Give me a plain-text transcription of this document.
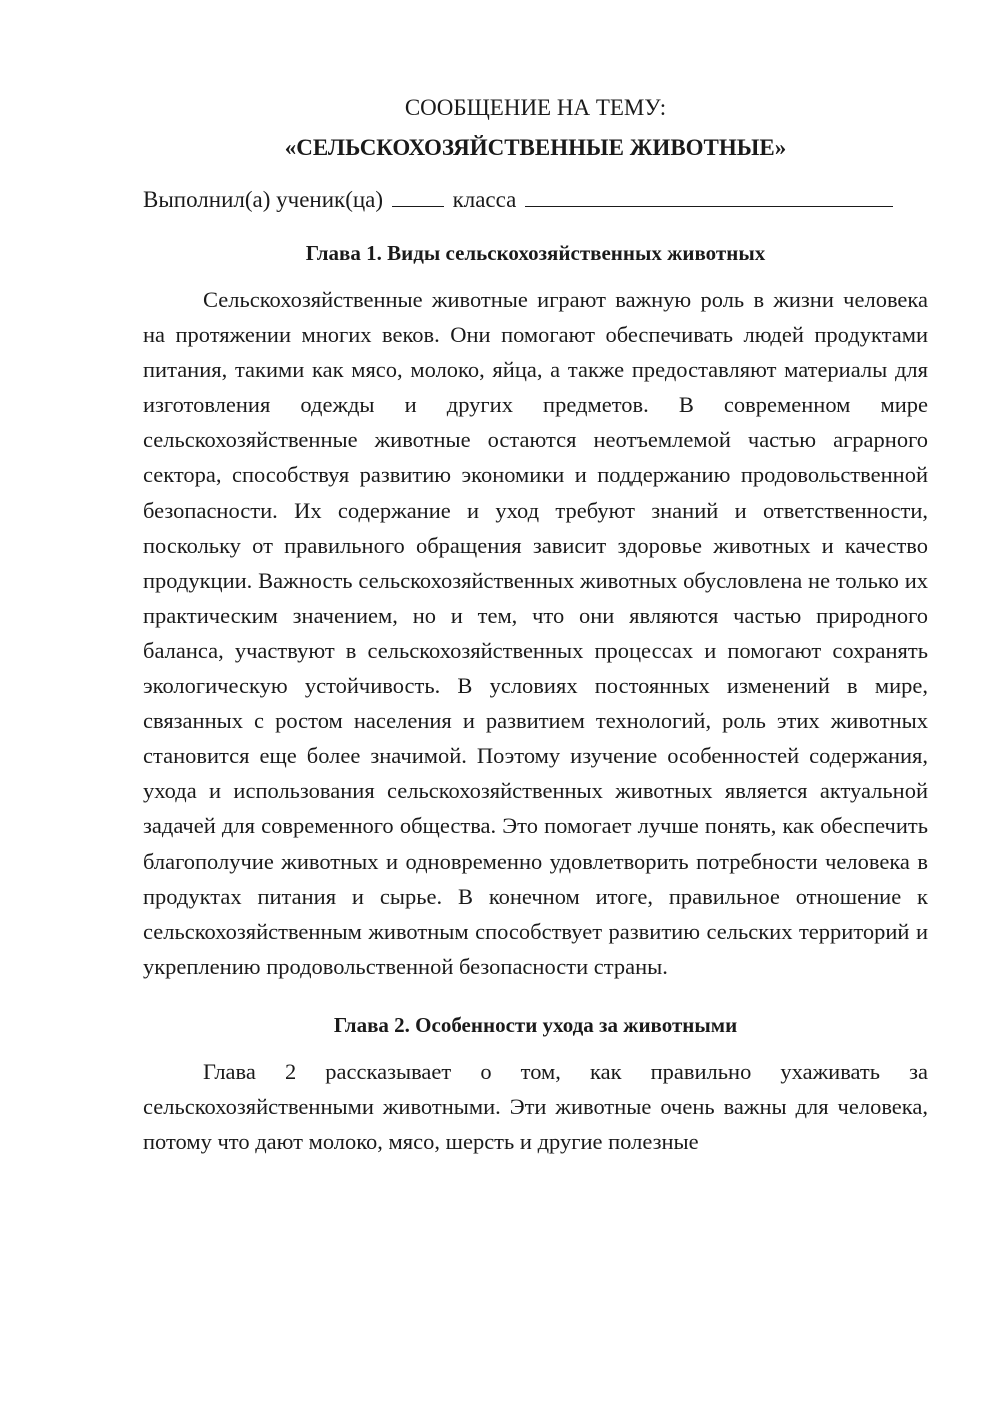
СООБЩЕНИЕ НА ТЕМУ:

«СЕЛЬСКОХОЗЯЙСТВЕННЫЕ ЖИВОТНЫЕ»

Выполнил(а) ученик(ца)	класса
Глава 1. Виды сельскохозяйственных животных

Сельскохозяйственные животные играют важную роль в жизни человека на протяжении многих веков. Они помогают обеспечивать людей продуктами питания, такими как мясо, молоко, яйца, а также предоставляют материалы для изготовления одежды и других предметов. В современном мире сельскохозяйственные животные остаются неотъемлемой частью аграрного сектора, способствуя развитию экономики и поддержанию продовольственной безопасности. Их содержание и уход требуют знаний и ответственности, поскольку от правильного обращения зависит здоровье животных и качество продукции. Важность сельскохозяйственных животных обусловлена не только их практическим значением, но и тем, что они являются частью природного баланса, участвуют в сельскохозяйственных процессах и помогают сохранять экологическую устойчивость. В условиях постоянных изменений в мире, связанных с ростом населения и развитием технологий, роль этих животных становится еще более значимой. Поэтому изучение особенностей содержания, ухода и использования сельскохозяйственных животных является актуальной задачей для современного общества. Это помогает лучше понять, как обеспечить благополучие животных и одновременно удовлетворить потребности человека в продуктах питания и сырье. В конечном итоге, правильное отношение к сельскохозяйственным животным способствует развитию сельских территорий и укреплению продовольственной безопасности страны.

Глава 2. Особенности ухода за животными

Глава 2 рассказывает о том, как правильно ухаживать за сельскохозяйственными животными. Эти животные очень важны для человека, потому что дают молоко, мясо, шерсть и другие полезные
